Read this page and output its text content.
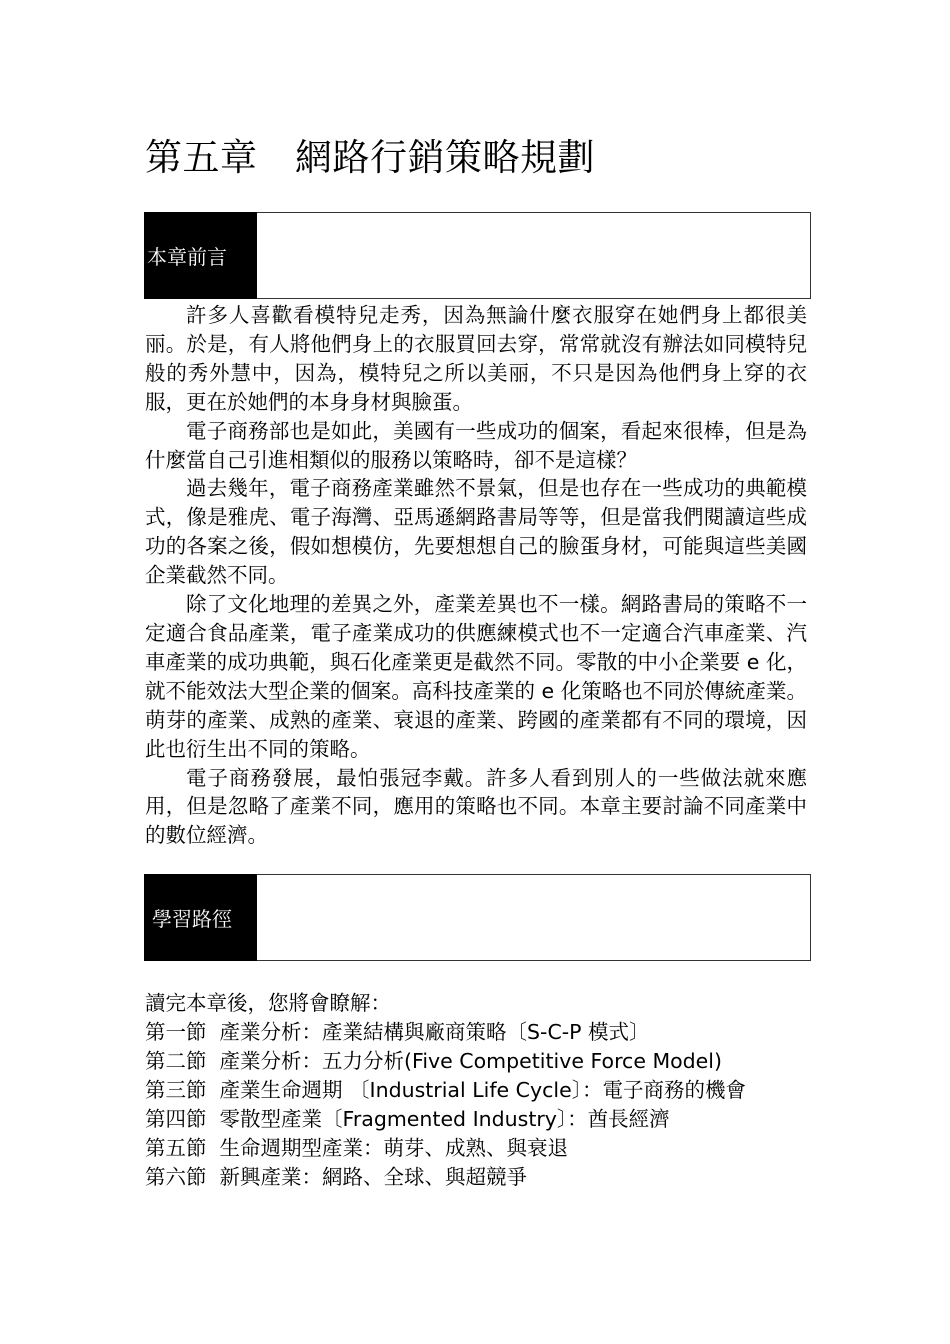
第五章　網路行銷策略規劃
本章前言

許多人喜歡看模特兒走秀，因為無論什麼衣服穿在她們身上都很美丽。於是，有人將他們身上的衣服買回去穿，常常就沒有辦法如同模特兒般的秀外慧中，因為，模特兒之所以美丽，不只是因為他們身上穿的衣服，更在於她們的本身身材與臉蛋。

電子商務部也是如此，美國有一些成功的個案，看起來很棒，但是為什麼當自己引進相類似的服務以策略時，卻不是這樣？

過去幾年，電子商務產業雖然不景氣，但是也存在一些成功的典範模式，像是雅虎、電子海灣、亞馬遜網路書局等等，但是當我們閱讀這些成功的各案之後，假如想模仿，先要想想自己的臉蛋身材，可能與這些美國企業截然不同。

除了文化地理的差異之外，產業差異也不一樣。網路書局的策略不一定適合食品產業，電子產業成功的供應練模式也不一定適合汽車產業、汽車產業的成功典範，與石化產業更是截然不同。零散的中小企業要 e 化，就不能效法大型企業的個案。高科技產業的 e 化策略也不同於傳統產業。萌芽的產業、成熟的產業、衰退的產業、跨國的產業都有不同的環境，因此也衍生出不同的策略。

電子商務發展，最怕張冠李戴。許多人看到別人的一些做法就來應用，但是忽略了產業不同，應用的策略也不同。本章主要討論不同產業中的數位經濟。

學習路徑
讀完本章後，您將會瞭解：
第一節  產業分析：產業結構與廠商策略〔S-C-P 模式〕
第二節  產業分析：五力分析(Five Competitive Force Model)
第三節  產業生命週期 〔Industrial Life Cycle〕：電子商務的機會
第四節  零散型產業〔Fragmented Industry〕：酋長經濟
第五節  生命週期型產業：萌芽、成熟、與衰退
第六節  新興產業：網路、全球、與超競爭
